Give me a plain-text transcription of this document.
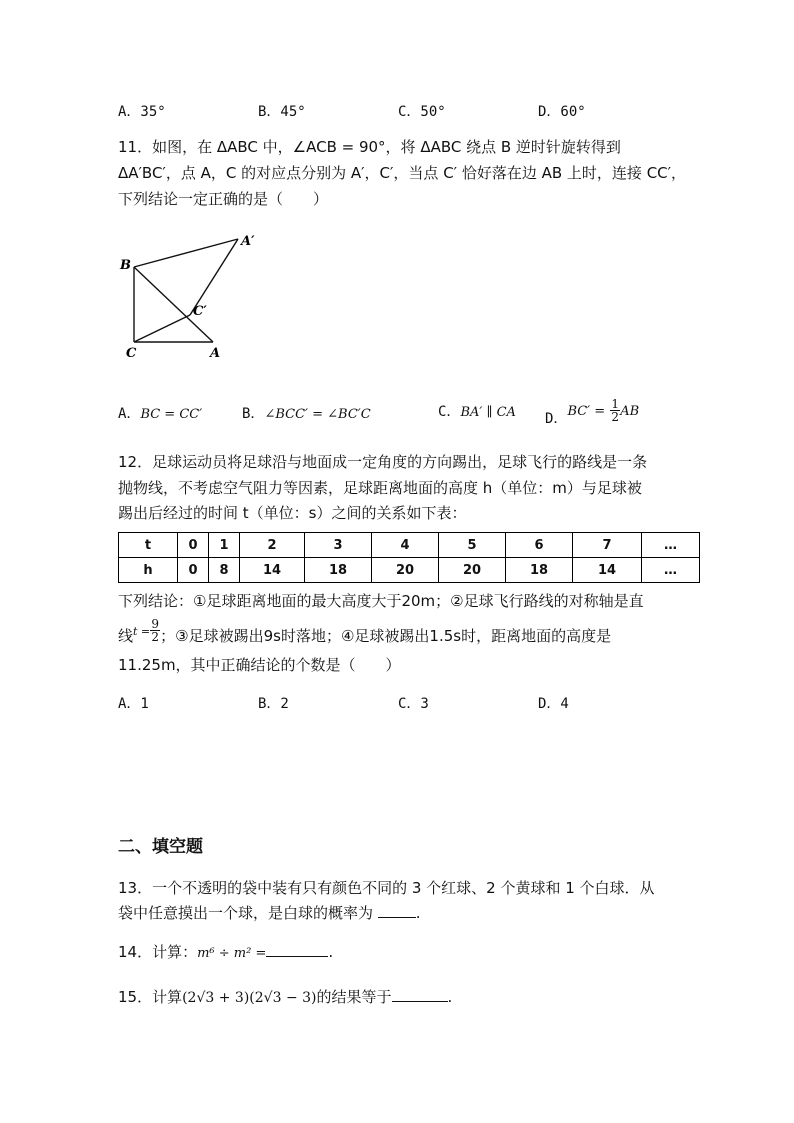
A．35°	B．45°	C．50°	D．60°
11．如图，在 ΔABC 中，∠ACB = 90°，将 ΔABC 绕点 B 逆时针旋转得到
ΔA′BC′，点 A，C 的对应点分别为 A′，C′，当点 C′ 恰好落在边 AB 上时，连接 CC′，
下列结论一定正确的是（　　）
B
A′
C′
C	A
A．BC = CC′	B．∠BCC′ = ∠BC′C	C．BA′ ∥ CA D．$BC' = \frac{1}{2}$ AB
12．足球运动员将足球沿与地面成一定角度的方向踢出，足球飞行的路线是一条
抛物线，不考虑空气阻力等因素，足球距离地面的高度 h（单位：m）与足球被
踢出后经过的时间 t（单位：s）之间的关系如下表：
t	0	1	2	3	4	5	6	7	…
h	0	8	14	18	20	20	18	14	…
下列结论：①足球距离地面的最大高度大于20m；②足球飞行路线的对称轴是直
线$^{t =} \frac{9}{2}$ ；③足球被踢出9s时落地；④足球被踢出1.5s时，距离地面的高度是
11.25m，其中正确结论的个数是（　　）
A．1	B．2	C．3	D．4
二、填空题
13．一个不透明的袋中装有只有颜色不同的 3 个红球、2 个黄球和 1 个白球．从
袋中任意摸出一个球，是白球的概率为	.
14．计算：m⁶ ÷ m² =	.
15．计算(2√3 + 3)(2√3 − 3)的结果等于	.
